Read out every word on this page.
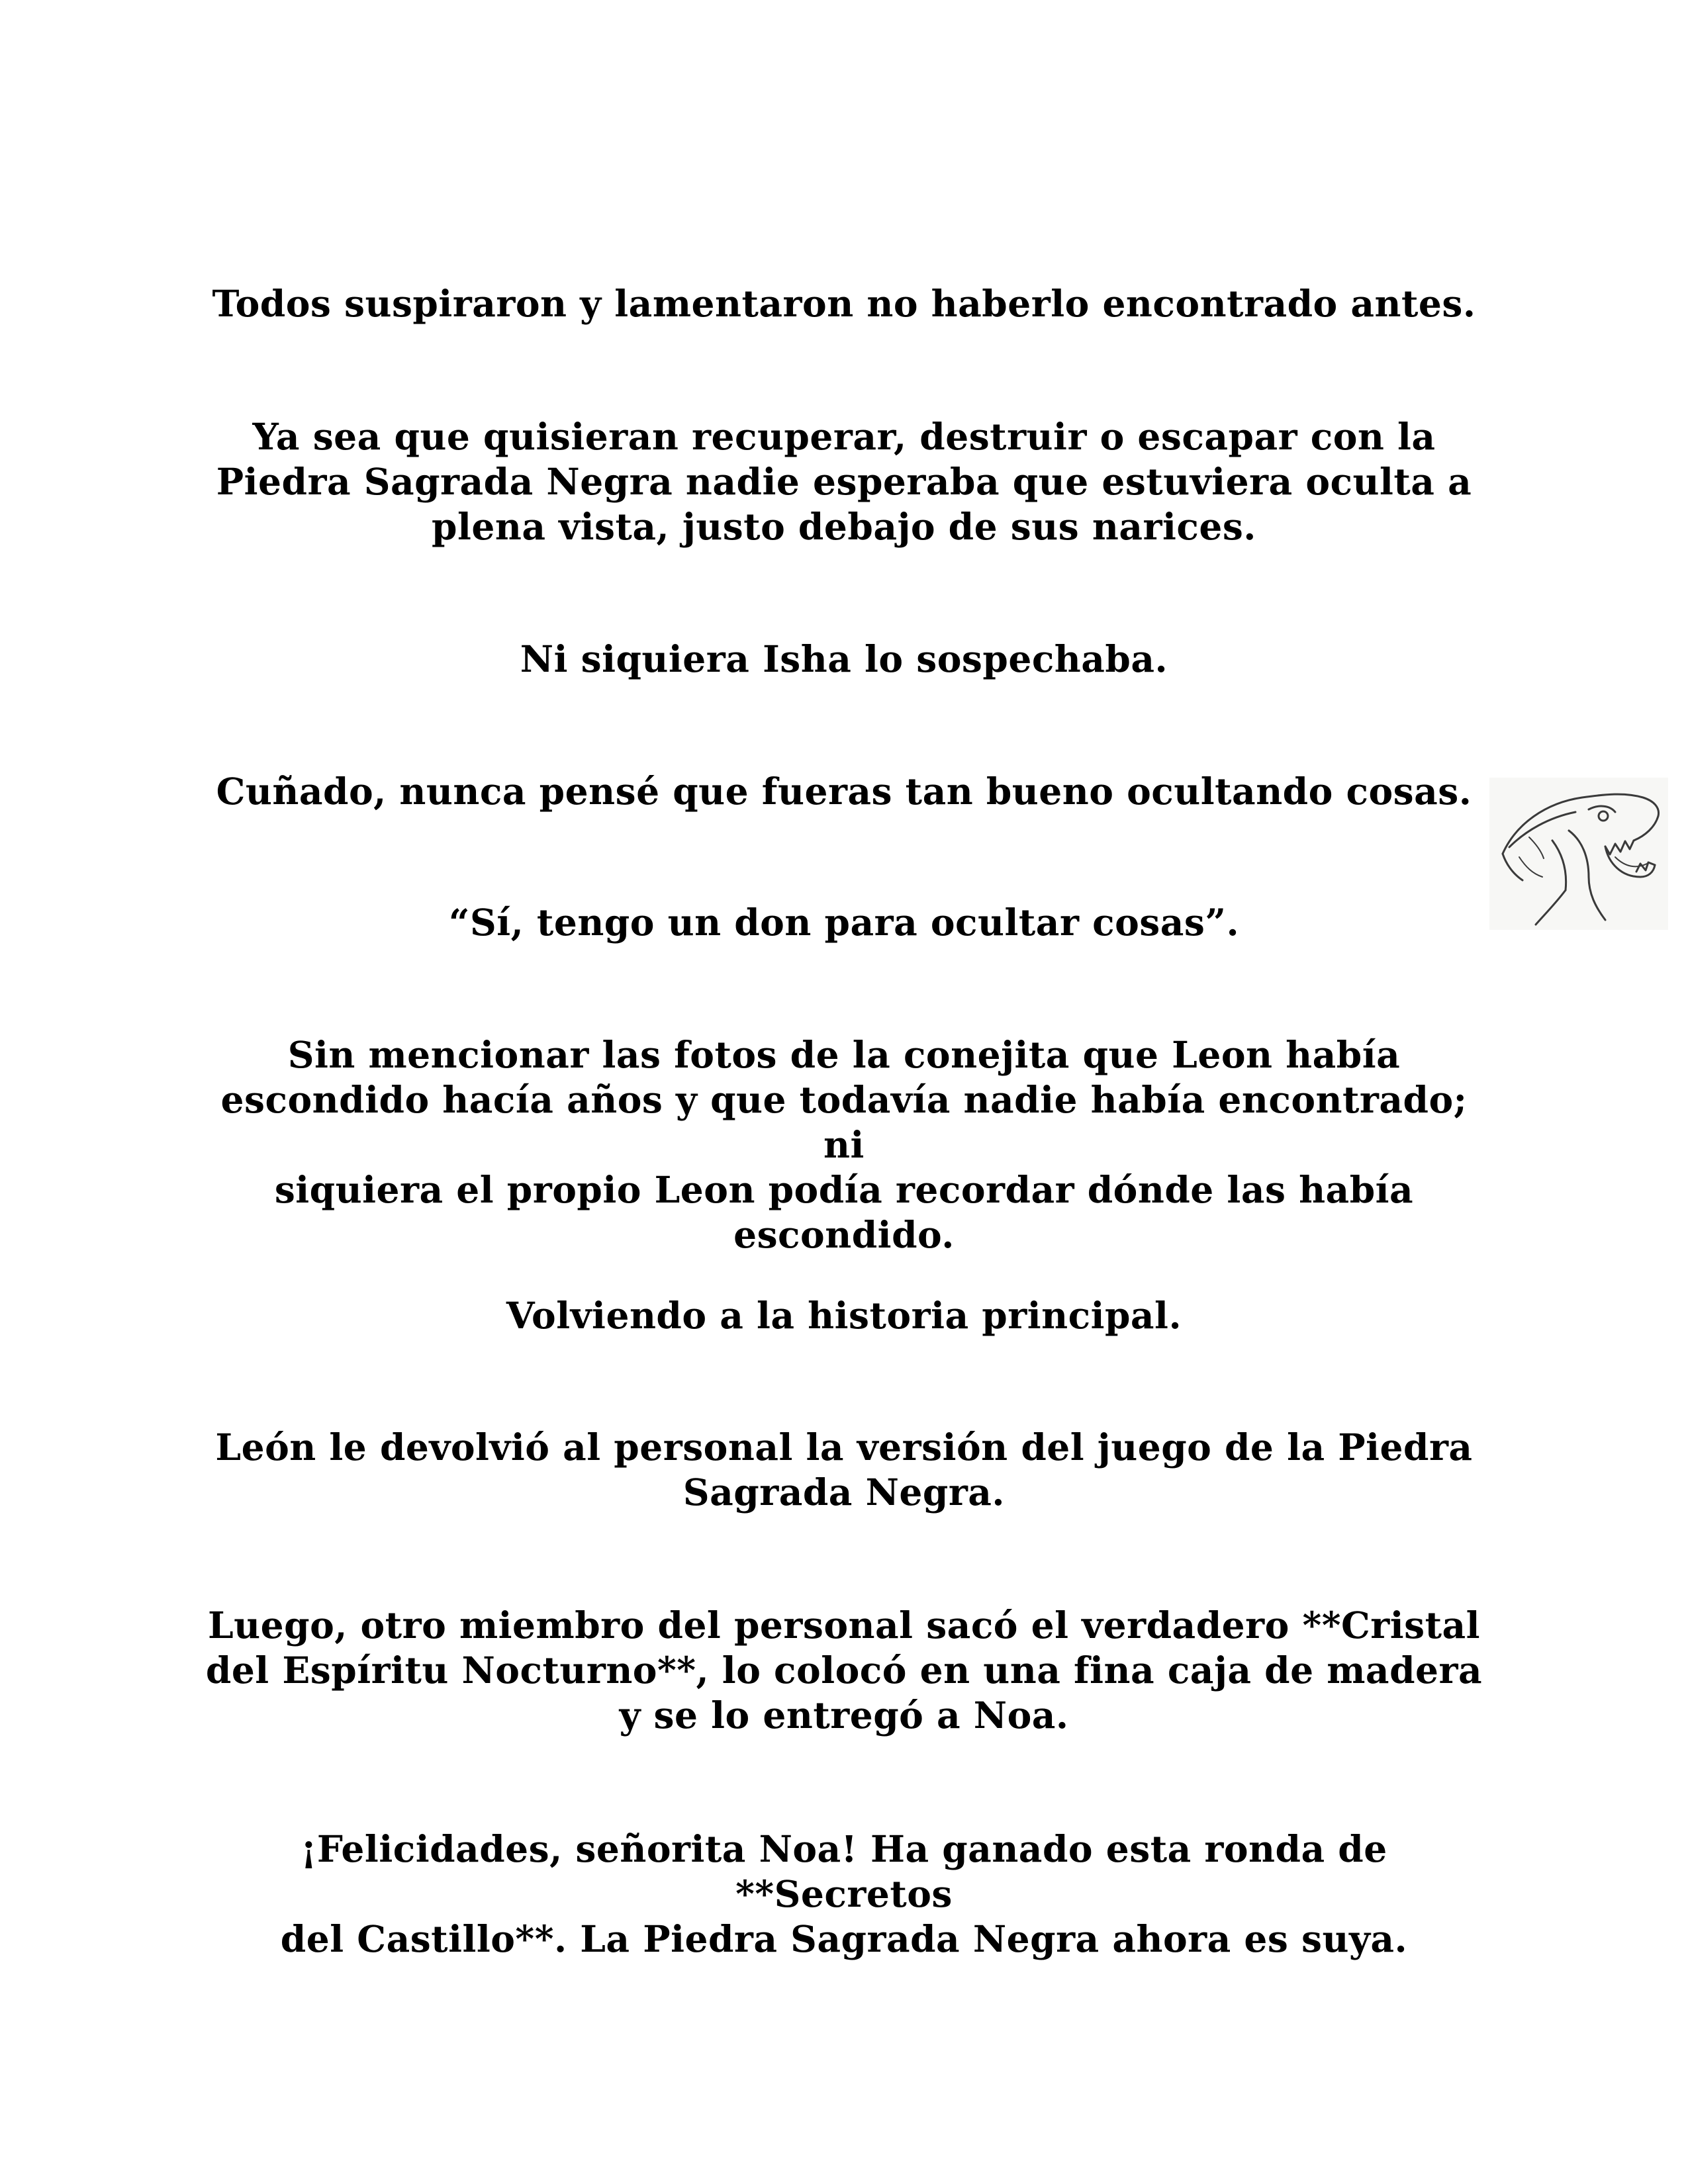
Todos suspiraron y lamentaron no haberlo encontrado antes.

Ya sea que quisieran recuperar, destruir o escapar con la
Piedra Sagrada Negra nadie esperaba que estuviera oculta a
plena vista, justo debajo de sus narices.

Ni siquiera Isha lo sospechaba.

Cuñado, nunca pensé que fueras tan bueno ocultando cosas.

“Sí, tengo un don para ocultar cosas”.

Sin mencionar las fotos de la conejita que Leon había
escondido hacía años y que todavía nadie había encontrado; ni
siquiera el propio Leon podía recordar dónde las había
escondido.

Volviendo a la historia principal.

León le devolvió al personal la versión del juego de la Piedra
Sagrada Negra.

Luego, otro miembro del personal sacó el verdadero **Cristal
del Espíritu Nocturno**, lo colocó en una fina caja de madera
y se lo entregó a Noa.

¡Felicidades, señorita Noa! Ha ganado esta ronda de **Secretos
del Castillo**. La Piedra Sagrada Negra ahora es suya.
